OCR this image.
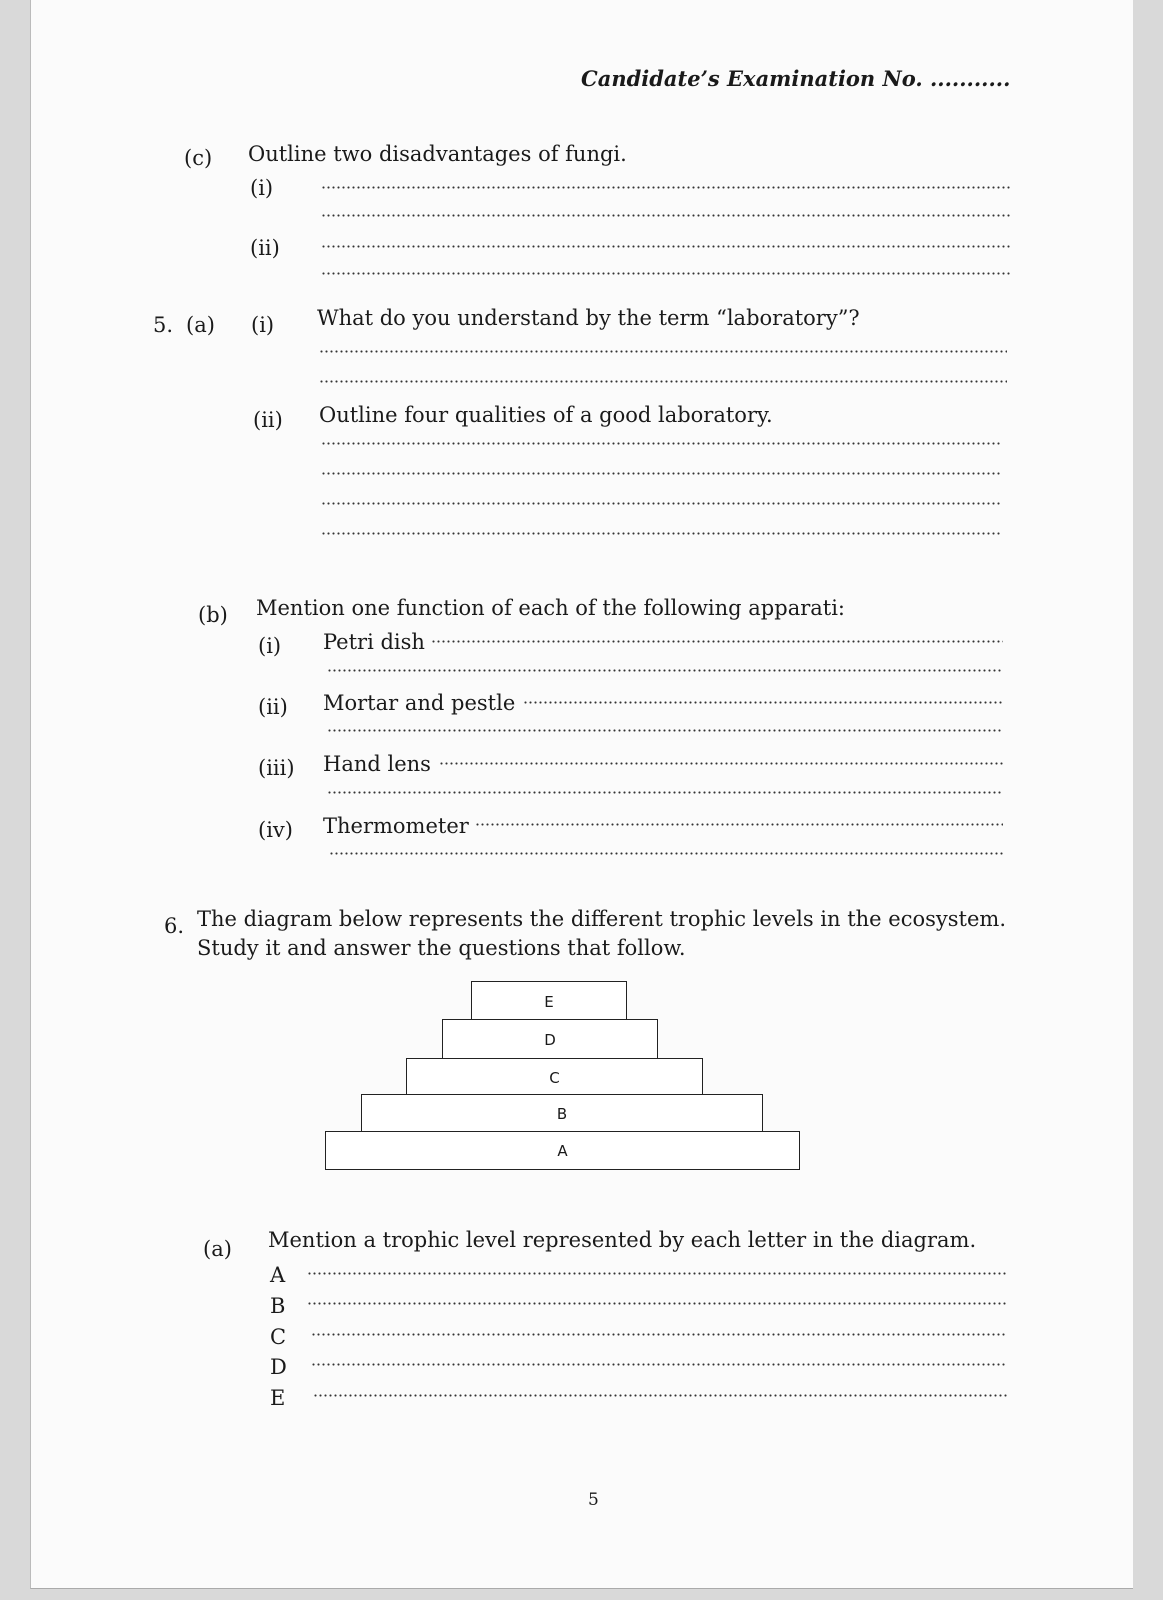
Candidate’s Examination No. ...........
(c) Outline two disadvantages of fungi.
(i)
(ii)
5. (a) (i) What do you understand by the term “laboratory”?
(ii) Outline four qualities of a good laboratory.
(b) Mention one function of each of the following apparati:
(i) Petri dish
(ii) Mortar and pestle
(iii) Hand lens
(iv) Thermometer
6. The diagram below represents the different trophic levels in the ecosystem.
Study it and answer the questions that follow.
E
D
C
B
A
(a) Mention a trophic level represented by each letter in the diagram.
A
B
C
D
E
5
